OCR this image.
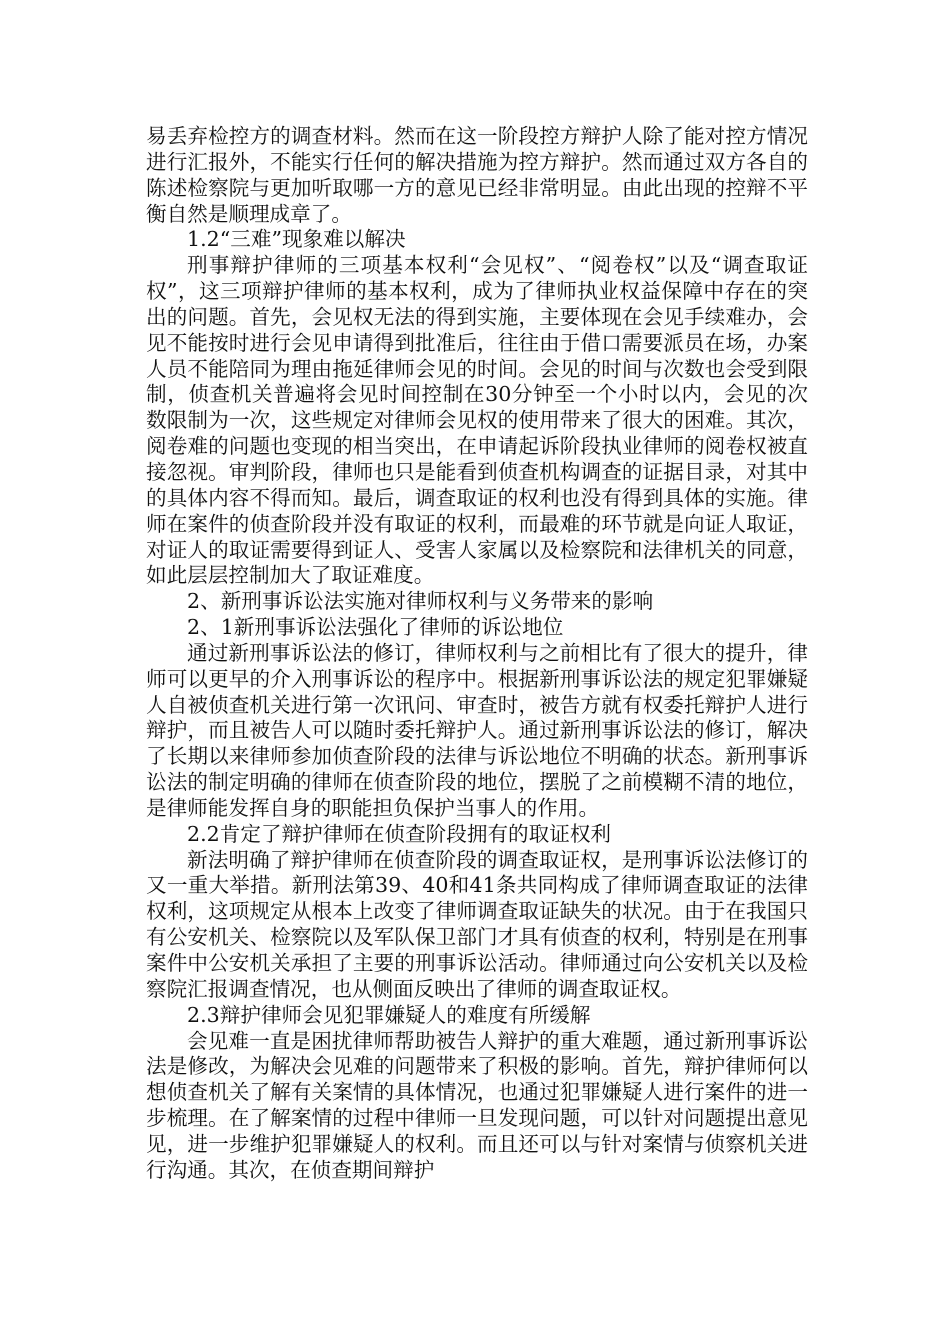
易丢弃检控方的调查材料。然而在这一阶段控方辩护人除了能对控方情况进行汇报外，不能实行任何的解决措施为控方辩护。然而通过双方各自的陈述检察院与更加听取哪一方的意见已经非常明显。由此出现的控辩不平衡自然是顺理成章了。

1.2“三难”现象难以解决

刑事辩护律师的三项基本权利“会见权”、“阅卷权”以及“调查取证权”，这三项辩护律师的基本权利，成为了律师执业权益保障中存在的突出的问题。首先，会见权无法的得到实施，主要体现在会见手续难办，会见不能按时进行会见申请得到批准后，往往由于借口需要派员在场，办案人员不能陪同为理由拖延律师会见的时间。会见的时间与次数也会受到限制，侦查机关普遍将会见时间控制在30分钟至一个小时以内，会见的次数限制为一次，这些规定对律师会见权的使用带来了很大的困难。其次，阅卷难的问题也变现的相当突出，在申请起诉阶段执业律师的阅卷权被直接忽视。审判阶段，律师也只是能看到侦查机构调查的证据目录，对其中的具体内容不得而知。最后，调查取证的权利也没有得到具体的实施。律师在案件的侦查阶段并没有取证的权利，而最难的环节就是向证人取证，对证人的取证需要得到证人、受害人家属以及检察院和法律机关的同意，如此层层控制加大了取证难度。

2、新刑事诉讼法实施对律师权利与义务带来的影响

2、1新刑事诉讼法强化了律师的诉讼地位

通过新刑事诉讼法的修订，律师权利与之前相比有了很大的提升，律师可以更早的介入刑事诉讼的程序中。根据新刑事诉讼法的规定犯罪嫌疑人自被侦查机关进行第一次讯问、审查时，被告方就有权委托辩护人进行辩护，而且被告人可以随时委托辩护人。通过新刑事诉讼法的修订，解决了长期以来律师参加侦查阶段的法律与诉讼地位不明确的状态。新刑事诉讼法的制定明确的律师在侦查阶段的地位，摆脱了之前模糊不清的地位，是律师能发挥自身的职能担负保护当事人的作用。

2.2肯定了辩护律师在侦查阶段拥有的取证权利

新法明确了辩护律师在侦查阶段的调查取证权，是刑事诉讼法修订的又一重大举措。新刑法第39、40和41条共同构成了律师调查取证的法律权利，这项规定从根本上改变了律师调查取证缺失的状况。由于在我国只有公安机关、检察院以及军队保卫部门才具有侦查的权利，特别是在刑事案件中公安机关承担了主要的刑事诉讼活动。律师通过向公安机关以及检察院汇报调查情况，也从侧面反映出了律师的调查取证权。

2.3辩护律师会见犯罪嫌疑人的难度有所缓解

会见难一直是困扰律师帮助被告人辩护的重大难题，通过新刑事诉讼法是修改，为解决会见难的问题带来了积极的影响。首先，辩护律师何以想侦查机关了解有关案情的具体情况，也通过犯罪嫌疑人进行案件的进一步梳理。在了解案情的过程中律师一旦发现问题，可以针对问题提出意见见，进一步维护犯罪嫌疑人的权利。而且还可以与针对案情与侦察机关进行沟通。其次，在侦查期间辩护
